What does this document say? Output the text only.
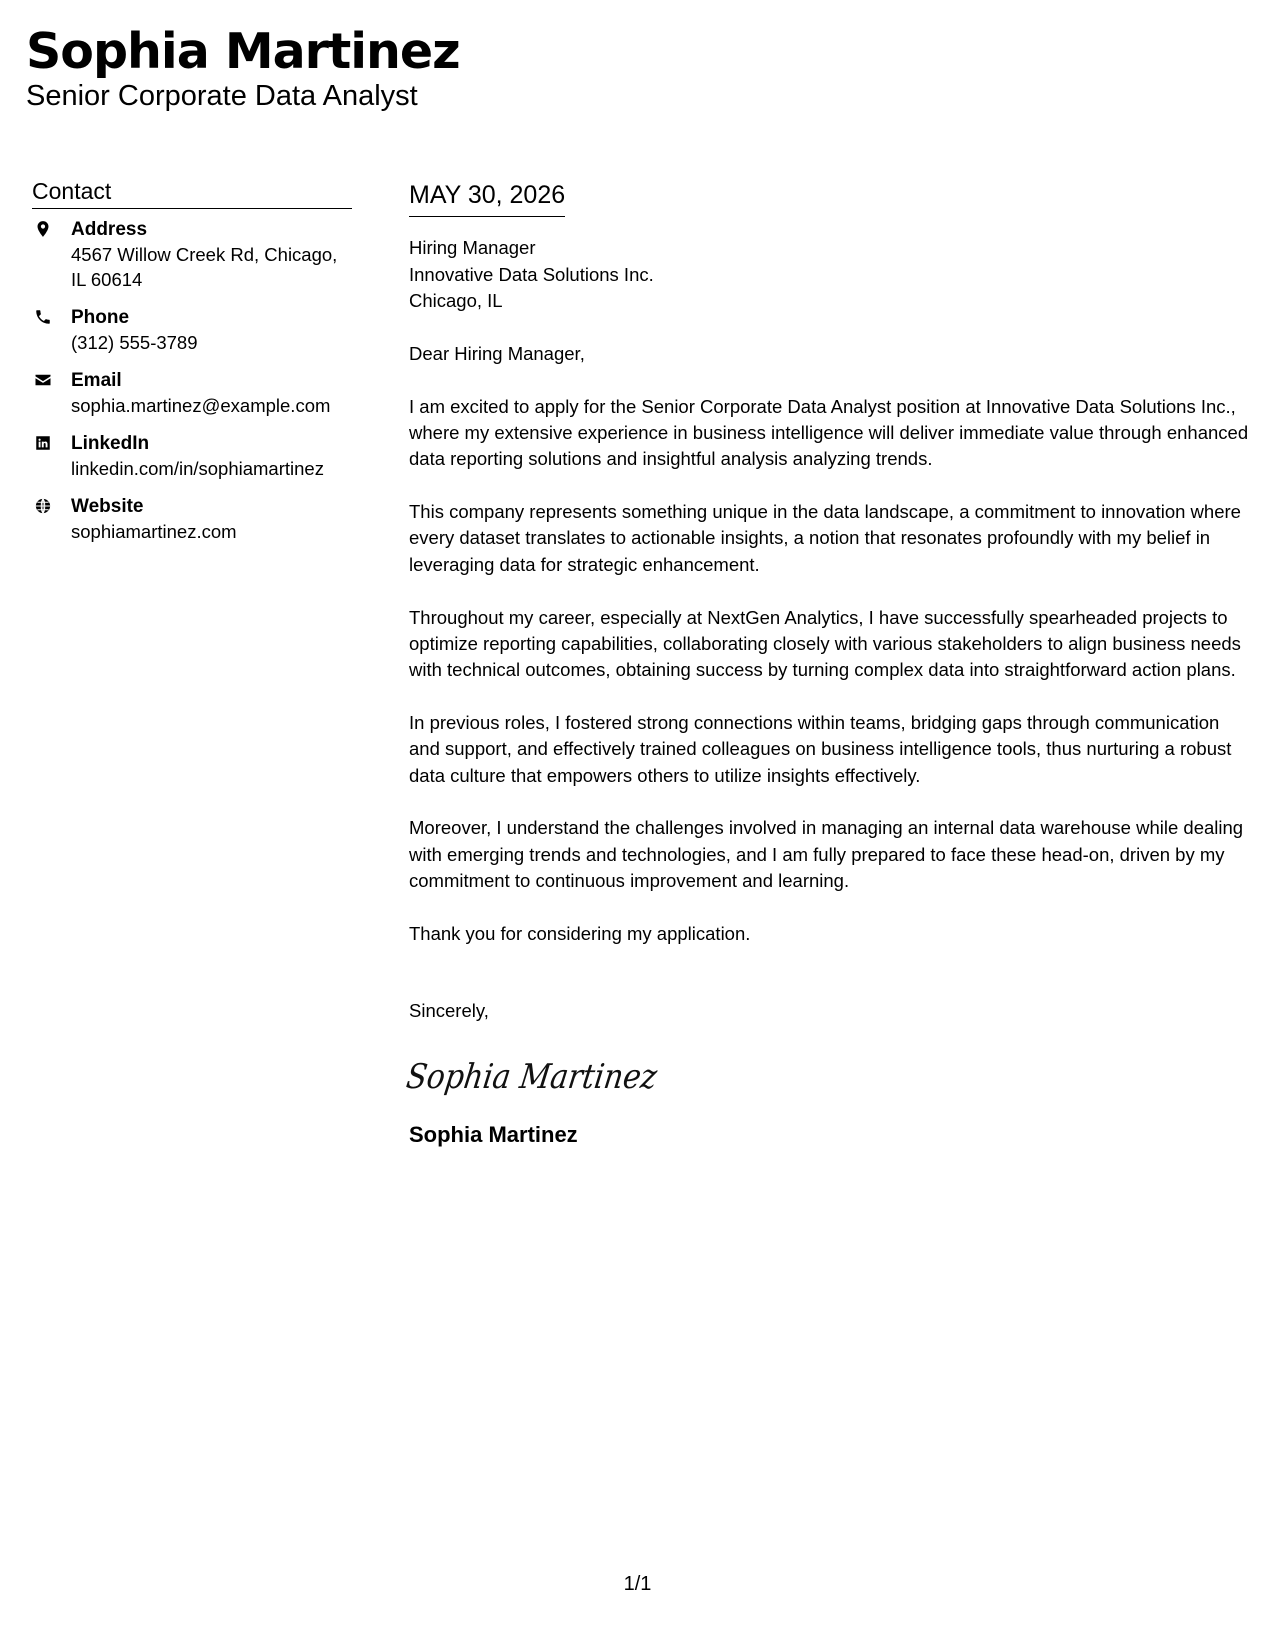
Sophia Martinez
Senior Corporate Data Analyst
Contact
Address
4567 Willow Creek Rd, Chicago, IL 60614
Phone
(312) 555-3789
Email
sophia.martinez@example.com
LinkedIn
linkedin.com/in/sophiamartinez
Website
sophiamartinez.com
MAY 30, 2026
Hiring Manager
Innovative Data Solutions Inc.
Chicago, IL

Dear Hiring Manager,

I am excited to apply for the Senior Corporate Data Analyst position at Innovative Data Solutions Inc., where my extensive experience in business intelligence will deliver immediate value through enhanced data reporting solutions and insightful analysis analyzing trends.

This company represents something unique in the data landscape, a commitment to innovation where every dataset translates to actionable insights, a notion that resonates profoundly with my belief in leveraging data for strategic enhancement.

Throughout my career, especially at NextGen Analytics, I have successfully spearheaded projects to optimize reporting capabilities, collaborating closely with various stakeholders to align business needs with technical outcomes, obtaining success by turning complex data into straightforward action plans.

In previous roles, I fostered strong connections within teams, bridging gaps through communication and support, and effectively trained colleagues on business intelligence tools, thus nurturing a robust data culture that empowers others to utilize insights effectively.

Moreover, I understand the challenges involved in managing an internal data warehouse while dealing with emerging trends and technologies, and I am fully prepared to face these head-on, driven by my commitment to continuous improvement and learning.

Thank you for considering my application.

Sincerely,

Sophia Martinez
Sophia Martinez
1/1
